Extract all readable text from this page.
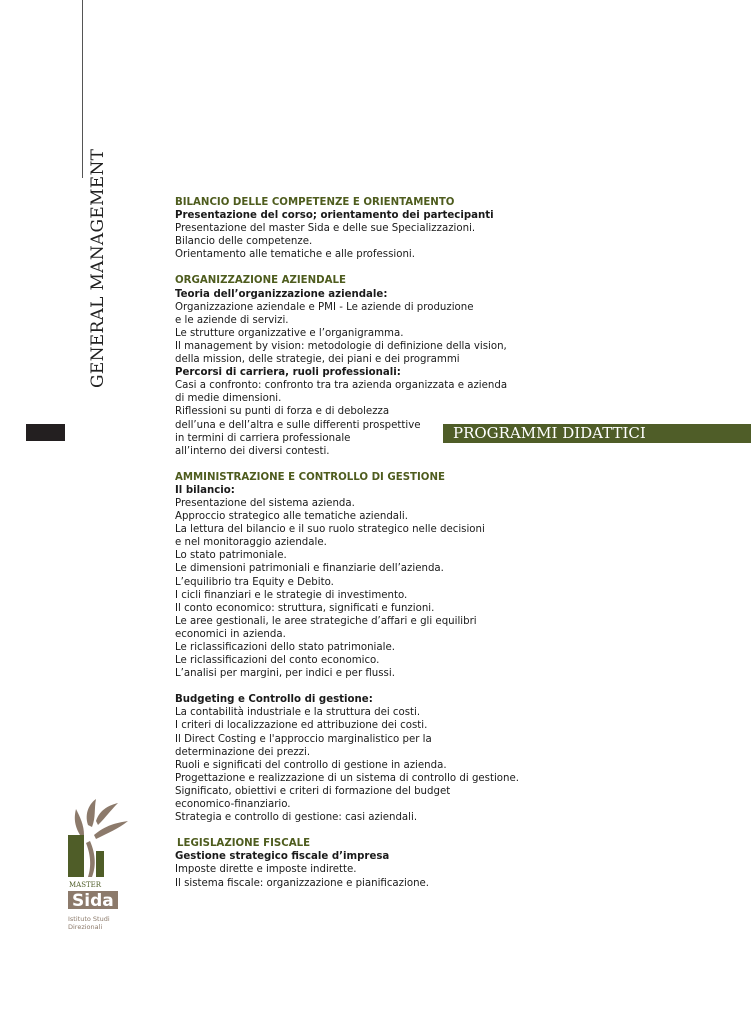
GENERAL MANAGEMENT
PROGRAMMI DIDATTICI
BILANCIO DELLE COMPETENZE E ORIENTAMENTO
Presentazione del corso; orientamento dei partecipanti
Presentazione del master Sida e delle sue Specializzazioni.
Bilancio delle competenze.
Orientamento alle tematiche e alle professioni.
ORGANIZZAZIONE AZIENDALE
Teoria dell’organizzazione aziendale:
Organizzazione aziendale e PMI - Le aziende di produzione
e le aziende di servizi.
Le strutture organizzative e l’organigramma.
Il management by vision: metodologie di definizione della vision,
della mission, delle strategie, dei piani e dei programmi
Percorsi di carriera, ruoli professionali:
Casi a confronto: confronto tra tra azienda organizzata e azienda
di medie dimensioni.
Riflessioni su punti di forza e di debolezza
dell’una e dell’altra e sulle differenti prospettive
in termini di carriera professionale
all’interno dei diversi contesti.
AMMINISTRAZIONE E CONTROLLO DI GESTIONE
Il bilancio:
Presentazione del sistema azienda.
Approccio strategico alle tematiche aziendali.
La lettura del bilancio e il suo ruolo strategico nelle decisioni
e nel monitoraggio aziendale.
Lo stato patrimoniale.
Le dimensioni patrimoniali e finanziarie dell’azienda.
L’equilibrio tra Equity e Debito.
I cicli finanziari e le strategie di investimento.
Il conto economico: struttura, significati e funzioni.
Le aree gestionali, le aree strategiche d’affari e gli equilibri
economici in azienda.
Le riclassificazioni dello stato patrimoniale.
Le riclassificazioni del conto economico.
L’analisi per margini, per indici e per flussi.
Budgeting e Controllo di gestione:
La contabilità industriale e la struttura dei costi.
I criteri di localizzazione ed attribuzione dei costi.
Il Direct Costing e l'approccio marginalistico per la
determinazione dei prezzi.
Ruoli e significati del controllo di gestione in azienda.
Progettazione e realizzazione di un sistema di controllo di gestione.
Significato, obiettivi e criteri di formazione del budget
economico-finanziario.
Strategia e controllo di gestione: casi aziendali.
LEGISLAZIONE FISCALE
Gestione strategico fiscale d’impresa
Imposte dirette e imposte indirette.
Il sistema fiscale: organizzazione e pianificazione.
MASTER
Sida
Istituto Studi
Direzionali
